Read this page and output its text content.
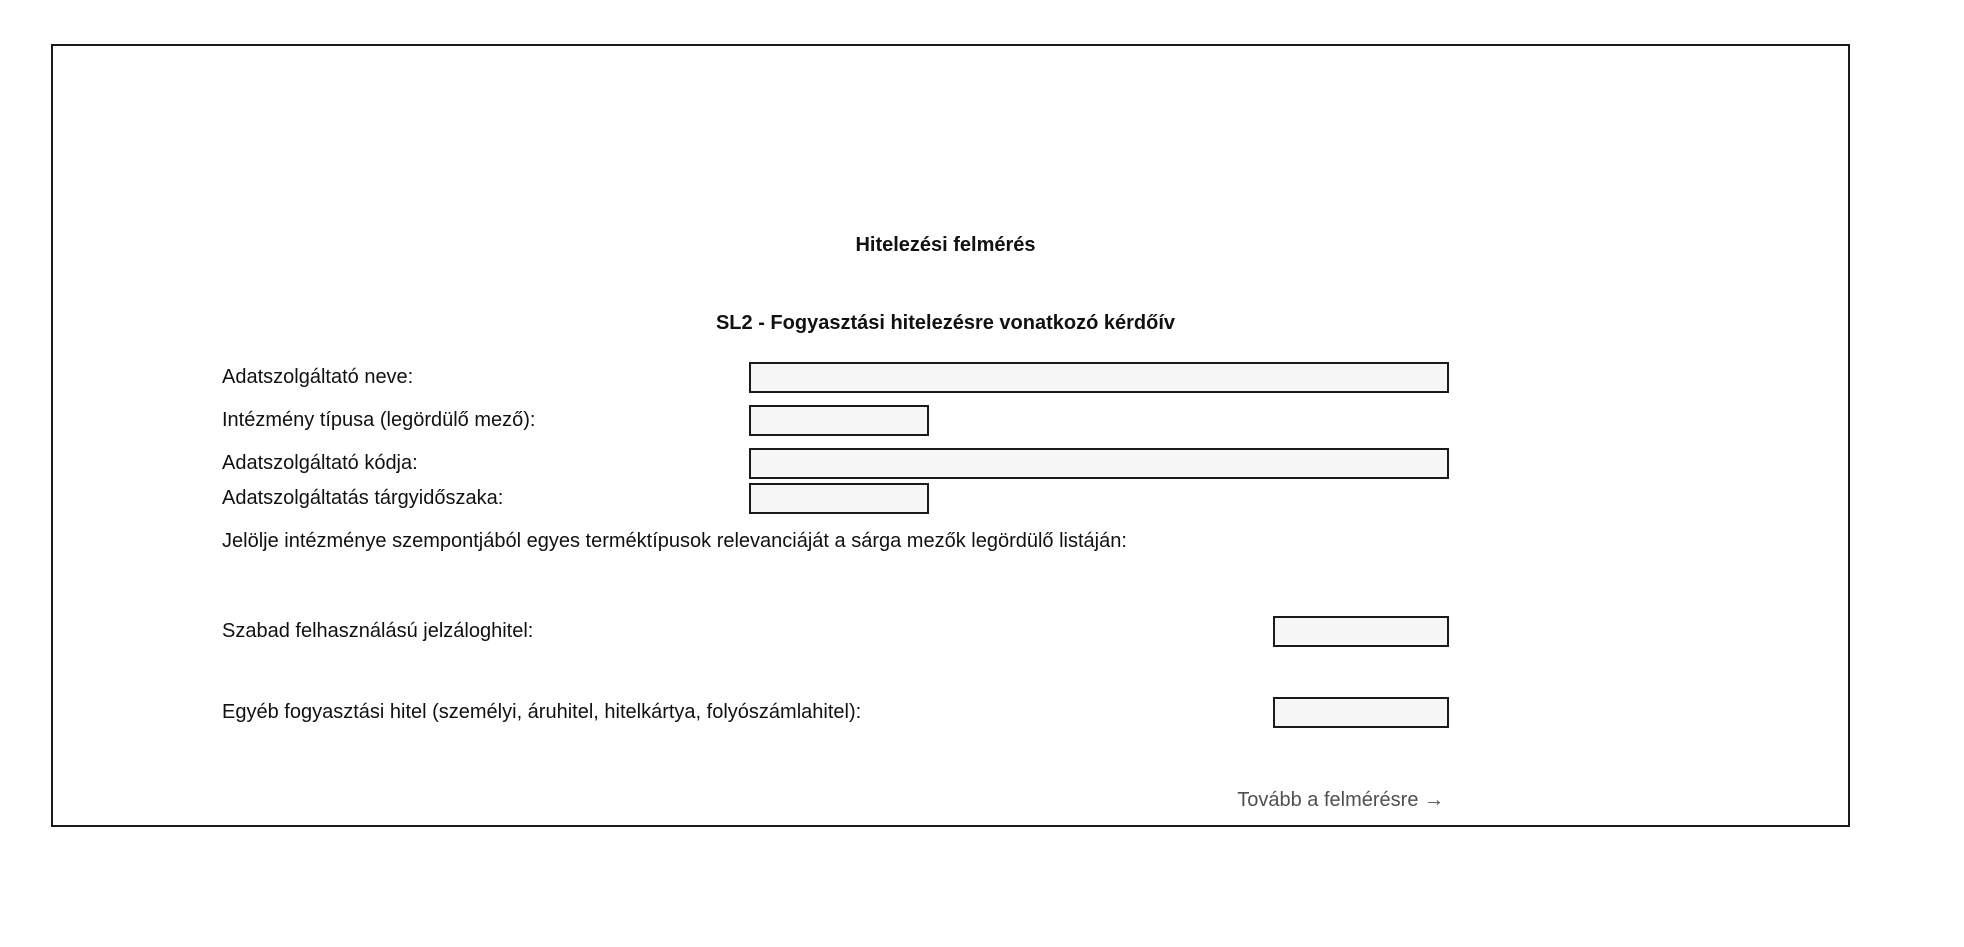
Hitelezési felmérés
SL2 - Fogyasztási hitelezésre vonatkozó kérdőív
Adatszolgáltató neve:
Intézmény típusa (legördülő mező):
Adatszolgáltató kódja:
Adatszolgáltatás tárgyidőszaka:
Jelölje intézménye szempontjából egyes terméktípusok relevanciáját a sárga mezők legördülő listáján:
Szabad felhasználású jelzáloghitel:
Egyéb fogyasztási hitel (személyi, áruhitel, hitelkártya, folyószámlahitel):
Tovább a felmérésre →
